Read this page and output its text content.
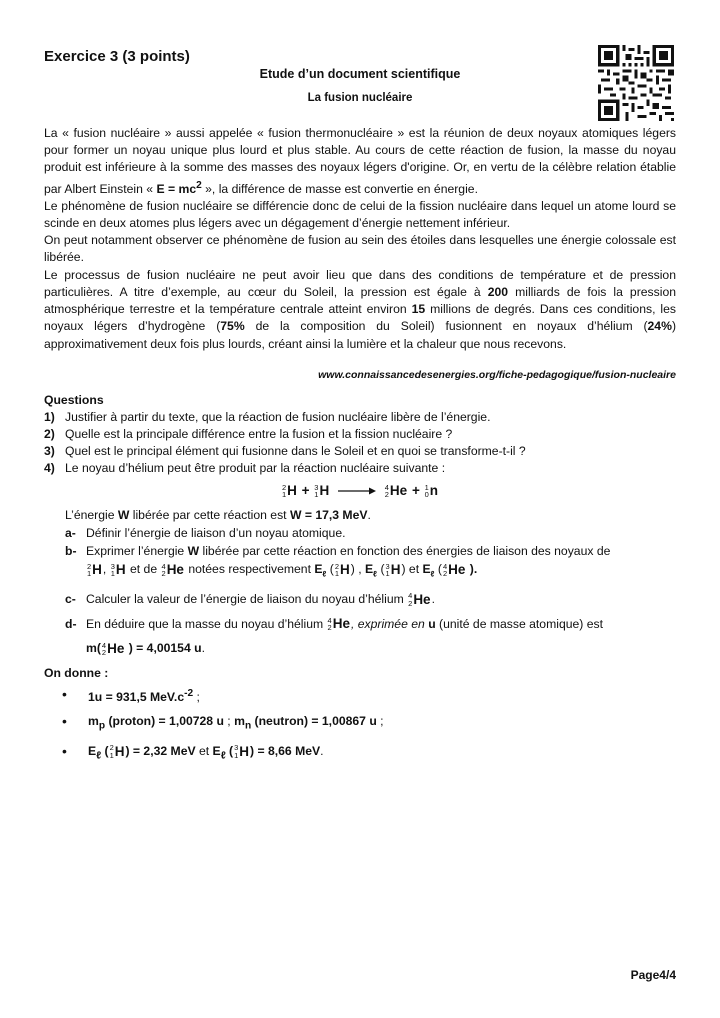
Exercice 3 (3 points)
Etude d’un document scientifique
La fusion nucléaire

La « fusion nucléaire » aussi appelée « fusion thermonucléaire » est la réunion de deux noyaux atomiques légers pour former un noyau unique plus lourd et plus stable. Au cours de cette réaction de fusion, la masse du noyau produit est inférieure à la somme des masses des noyaux légers d'origine. Or, en vertu de la célèbre relation établie par Albert Einstein « $E = mc^2$ », la différence de masse est convertie en énergie.

Le phénomène de fusion nucléaire se différencie donc de celui de la fission nucléaire dans lequel un atome lourd se scinde en deux atomes plus légers avec un dégagement d’énergie nettement inférieur.

On peut notamment observer ce phénomène de fusion au sein des étoiles dans lesquelles une énergie colossale est libérée.

Le processus de fusion nucléaire ne peut avoir lieu que dans des conditions de température et de pression particulières. A titre d’exemple, au cœur du Soleil, la pression est égale à 200 milliards de fois la pression atmosphérique terrestre et la température centrale atteint environ 15 millions de degrés. Dans ces conditions, les noyaux légers d’hydrogène (75% de la composition du Soleil) fusionnent en noyaux d’hélium (24%) approximativement deux fois plus lourds, créant ainsi la lumière et la chaleur que nous recevons.

www.connaissancedesenergies.org/fiche-pedagogique/fusion-nucleaire
Questions
1) Justifier à partir du texte, que la réaction de fusion nucléaire libère de l’énergie.
2) Quelle est la principale différence entre la fusion et la fission nucléaire ?
3) Quel est le principal élément qui fusionne dans le Soleil et en quoi se transforme-t-il ?
4) Le noyau d’hélium peut être produit par la réaction nucléaire suivante :
2
1 H + 3
1 H → 4
2 He + 1
0 n
L’énergie W libérée par cette réaction est W = 17,3 MeV.
a- Définir l’énergie de liaison d’un noyau atomique.
b- Exprimer l’énergie W libérée par cette réaction en fonction des énergies de liaison des noyaux de

2
1 H , 3
1 H et de 4
2 He notées respectivement $E_\ell$ ( 2
1 H ) , $E_\ell$ ( 3
1 H ) et $E_\ell$ ( 4
2 He ).
c- Calculer la valeur de l’énergie de liaison du noyau d’hélium 4
2 He .
d- En déduire que la masse du noyau d’hélium 4
2 He , exprimée en u (unité de masse atomique) est
m( 4
2 He ) = 4,00154 u.
On donne :
•	1u = 931,5 $MeV.c^{-2}$ ;
•	$m_p$ (proton) = 1,00728 u ; $m_n$ (neutron) = 1,00867 u ;
•	$E_\ell$ ( 2
1 H ) = 2,32 MeV et $E_\ell$ ( 3
1 H ) = 8,66 MeV.
Page4/4
